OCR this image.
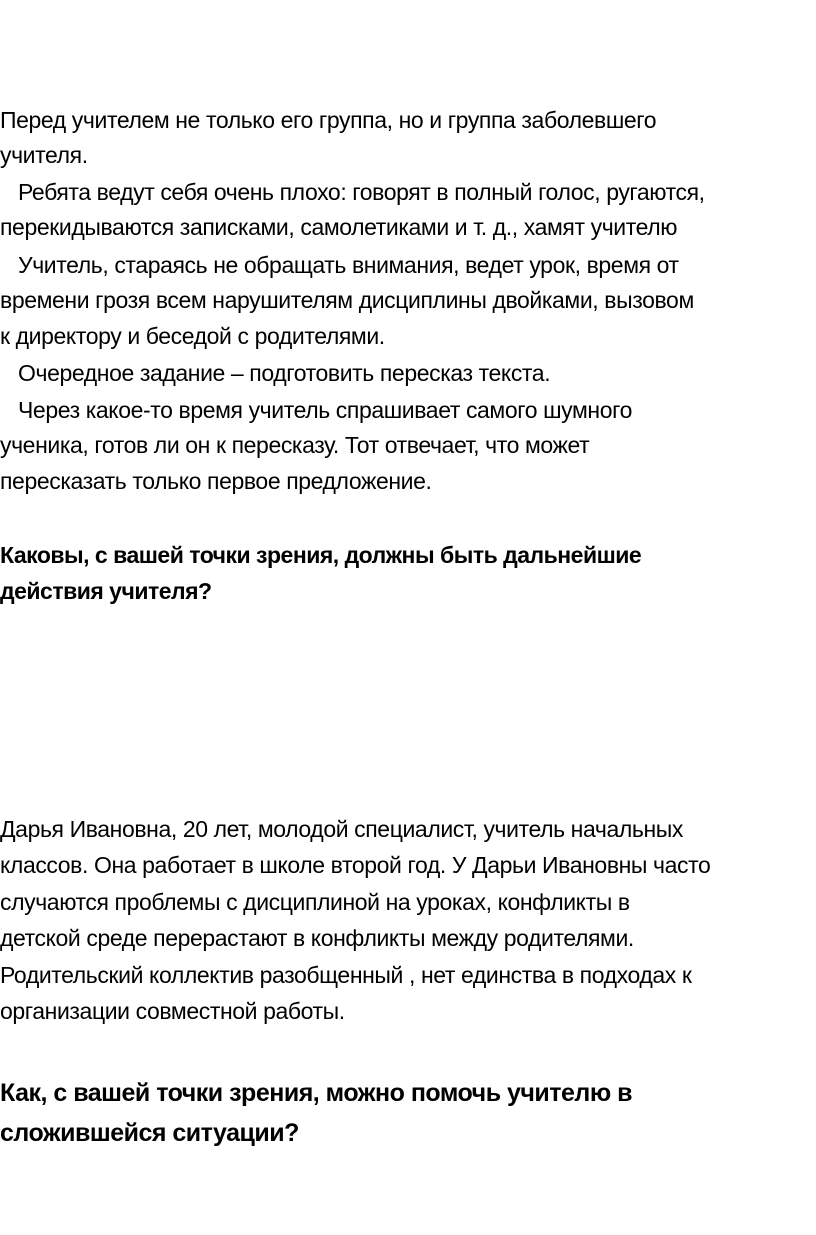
Перед учителем не только его группа, но и группа заболевшего
учителя.
Ребята ведут себя очень плохо: говорят в полный голос, ругаются,
перекидываются записками, самолетиками и т. д., хамят учителю
Учитель, стараясь не обращать внимания, ведет урок, время от
времени грозя всем нарушителям дисциплины двойками, вызовом
к директору и беседой с родителями.
Очередное задание – подготовить пересказ текста.
Через какое-то время учитель спрашивает самого шумного
ученика, готов ли он к пересказу. Тот отвечает, что может
пересказать только первое предложение.
Каковы, с вашей точки зрения, должны быть дальнейшие
действия учителя?
Дарья Ивановна, 20 лет, молодой специалист, учитель начальных
классов. Она работает в школе второй год. У Дарьи Ивановны часто
случаются проблемы с дисциплиной на уроках, конфликты в
детской среде перерастают в конфликты между родителями.
Родительский коллектив разобщенный , нет единства в подходах к
организации совместной работы.
Как, с вашей точки зрения, можно помочь учителю в
сложившейся ситуации?
